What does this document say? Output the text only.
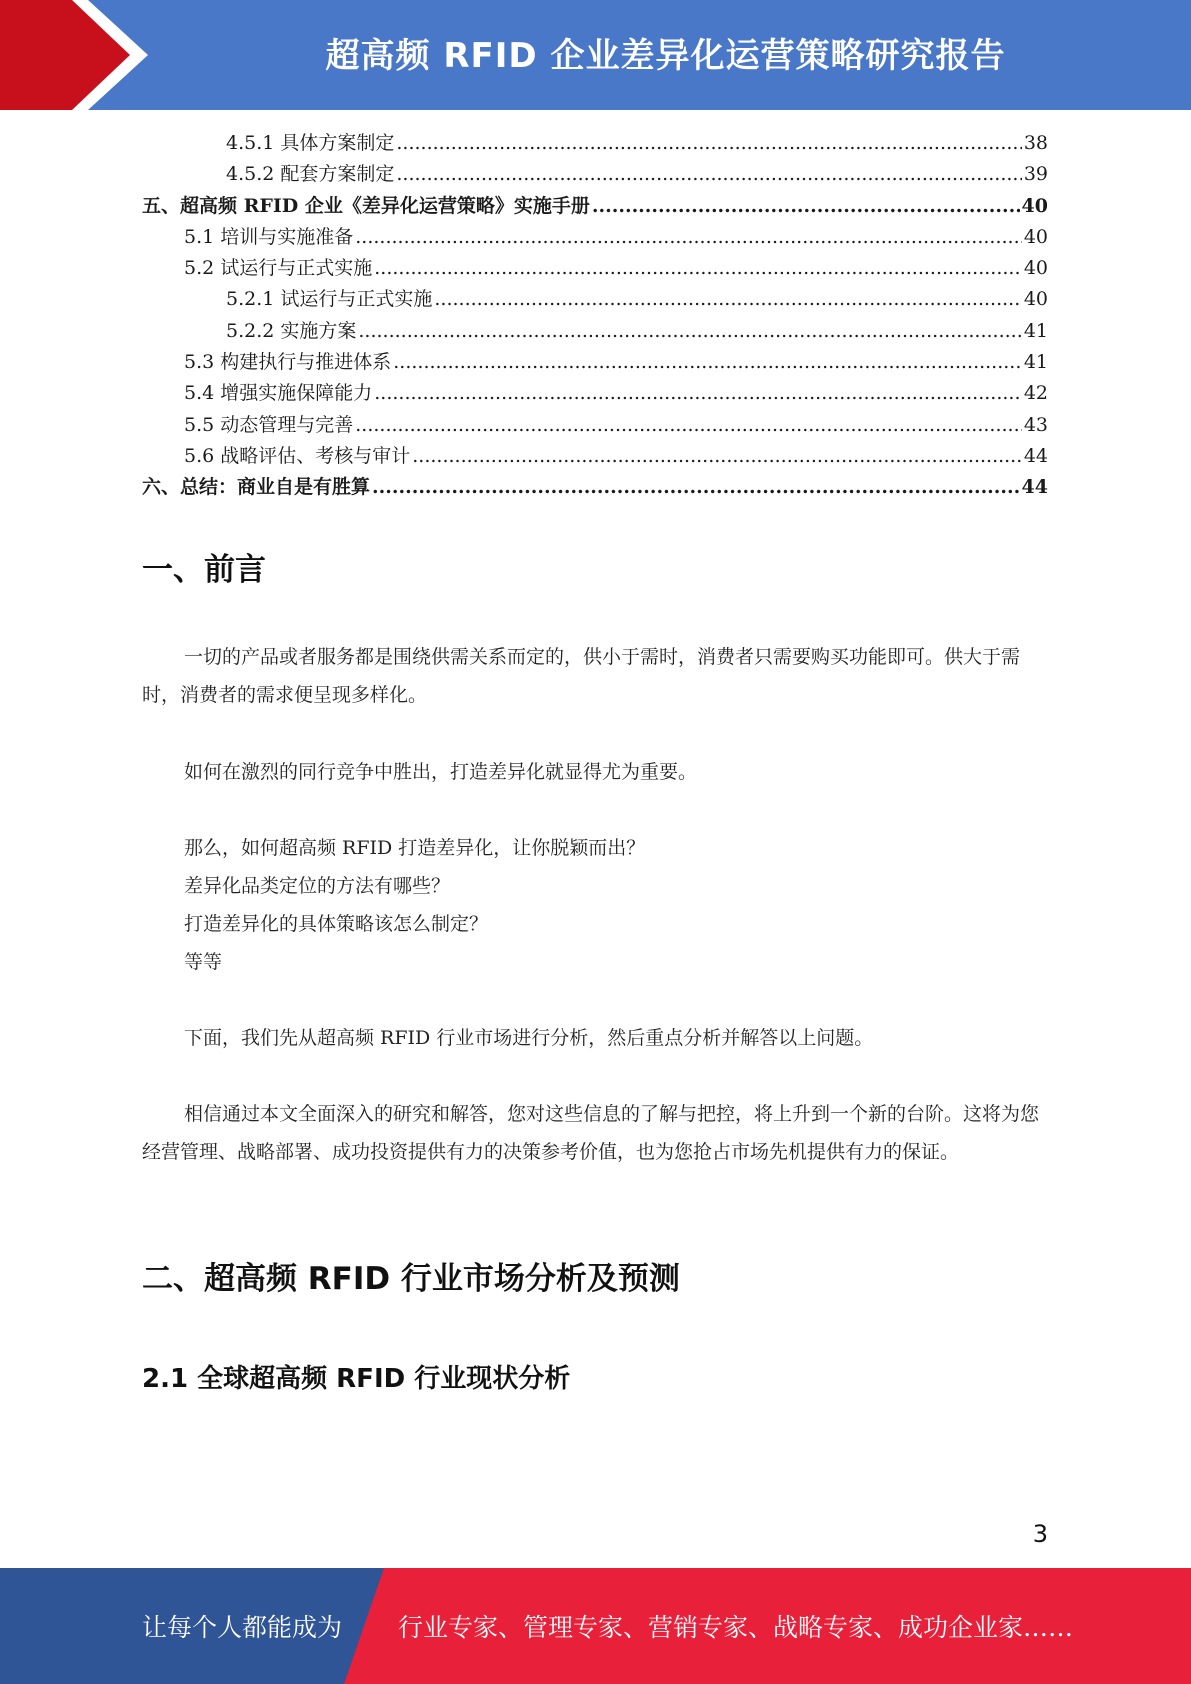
超高频 RFID 企业差异化运营策略研究报告
4.5.1 具体方案制定 .....	38
4.5.2 配套方案制定 .....	39
五、超高频 RFID 企业《差异化运营策略》实施手册 .....	40
5.1 培训与实施准备 .....	40
5.2 试运行与正式实施 .....	40
5.2.1 试运行与正式实施 .....	40
5.2.2 实施方案 .....	41
5.3 构建执行与推进体系 .....	41
5.4 增强实施保障能力 .....	42
5.5 动态管理与完善 .....	43
5.6 战略评估、考核与审计 .....	44
六、总结：商业自是有胜算 .....	44
一、前言
一切的产品或者服务都是围绕供需关系而定的，供小于需时，消费者只需要购买功能即可。供大于需时，消费者的需求便呈现多样化。
如何在激烈的同行竞争中胜出，打造差异化就显得尤为重要。
那么，如何超高频 RFID 打造差异化，让你脱颖而出？
差异化品类定位的方法有哪些？
打造差异化的具体策略该怎么制定？
等等
下面，我们先从超高频 RFID 行业市场进行分析，然后重点分析并解答以上问题。
相信通过本文全面深入的研究和解答，您对这些信息的了解与把控，将上升到一个新的台阶。这将为您经营管理、战略部署、成功投资提供有力的决策参考价值，也为您抢占市场先机提供有力的保证。
二、超高频 RFID 行业市场分析及预测
2.1 全球超高频 RFID 行业现状分析
3
让每个人都能成为 行业专家、管理专家、营销专家、战略专家、成功企业家……
